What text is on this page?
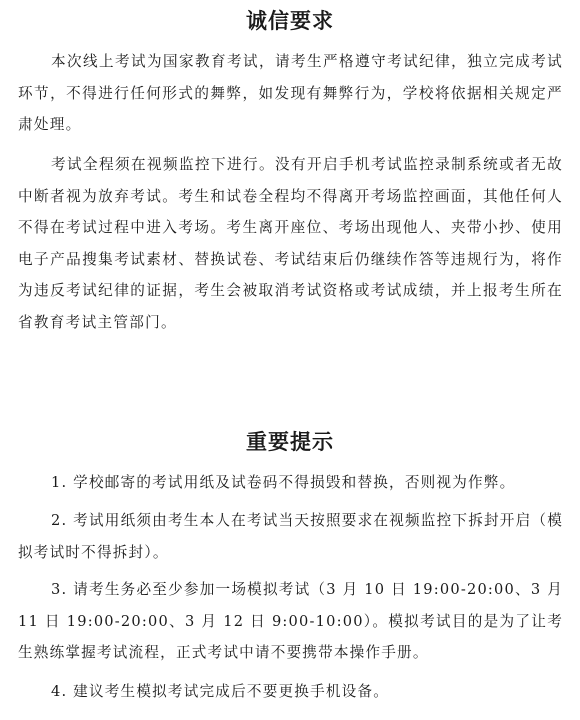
诚信要求

本次线上考试为国家教育考试，请考生严格遵守考试纪律，独立完成考试环节，不得进行任何形式的舞弊，如发现有舞弊行为，学校将依据相关规定严肃处理。

考试全程须在视频监控下进行。没有开启手机考试监控录制系统或者无故中断者视为放弃考试。考生和试卷全程均不得离开考场监控画面，其他任何人不得在考试过程中进入考场。考生离开座位、考场出现他人、夹带小抄、使用电子产品搜集考试素材、替换试卷、考试结束后仍继续作答等违规行为，将作为违反考试纪律的证据，考生会被取消考试资格或考试成绩，并上报考生所在省教育考试主管部门。

重要提示

1. 学校邮寄的考试用纸及试卷码不得损毁和替换，否则视为作弊。

2. 考试用纸须由考生本人在考试当天按照要求在视频监控下拆封开启（模拟考试时不得拆封）。

3. 请考生务必至少参加一场模拟考试（3 月 10 日 19:00-20:00、3 月 11 日 19:00-20:00、3 月 12 日 9:00-10:00）。模拟考试目的是为了让考生熟练掌握考试流程，正式考试中请不要携带本操作手册。

4. 建议考生模拟考试完成后不要更换手机设备。
